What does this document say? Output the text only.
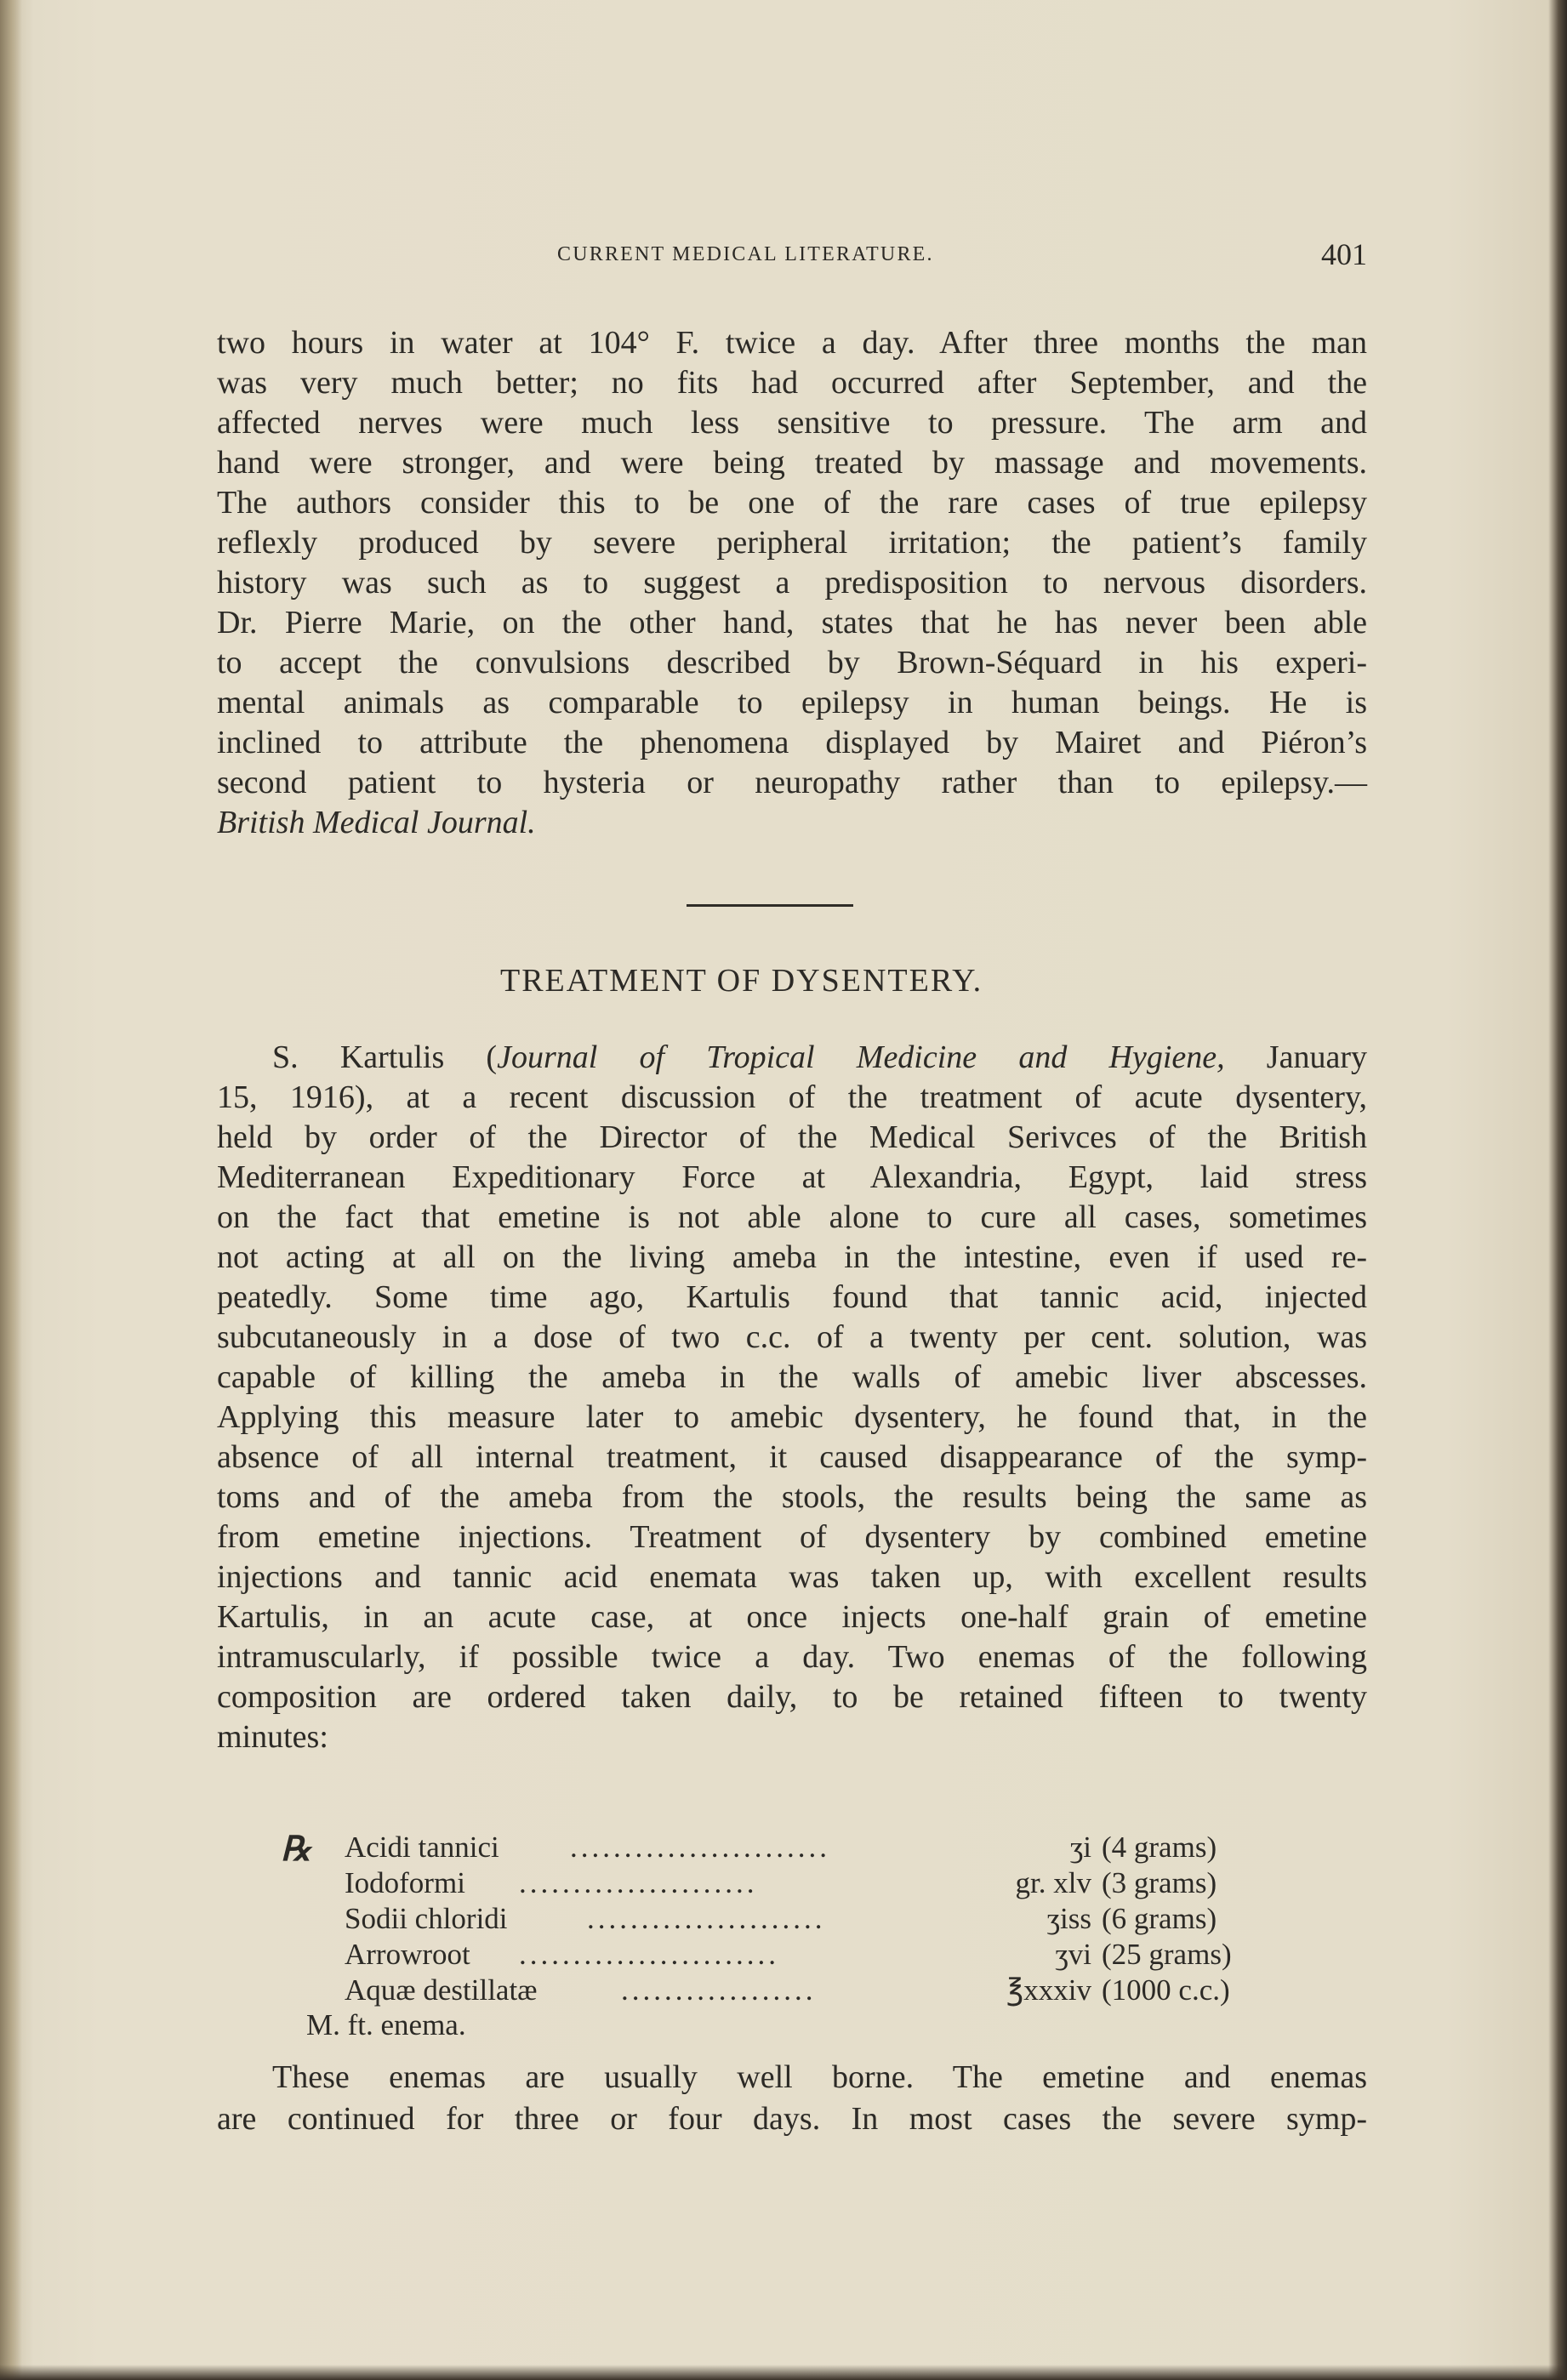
CURRENT MEDICAL LITERATURE.	401
two hours in water at 104° F. twice a day. After three months the man
was very much better; no fits had occurred after September, and the
affected nerves were much less sensitive to pressure. The arm and
hand were stronger, and were being treated by massage and movements.
The authors consider this to be one of the rare cases of true epilepsy
reflexly produced by severe peripheral irritation; the patient’s family
history was such as to suggest a predisposition to nervous disorders.
Dr. Pierre Marie, on the other hand, states that he has never been able
to accept the convulsions described by Brown-Séquard in his experi-
mental animals as comparable to epilepsy in human beings. He is
inclined to attribute the phenomena displayed by Mairet and Piéron’s
second patient to hysteria or neuropathy rather than to epilepsy.—
British Medical Journal.
TREATMENT OF DYSENTERY.
S. Kartulis (Journal of Tropical Medicine and Hygiene, January
15, 1916), at a recent discussion of the treatment of acute dysentery,
held by order of the Director of the Medical Serivces of the British
Mediterranean Expeditionary Force at Alexandria, Egypt, laid stress
on the fact that emetine is not able alone to cure all cases, sometimes
not acting at all on the living ameba in the intestine, even if used re-
peatedly. Some time ago, Kartulis found that tannic acid, injected
subcutaneously in a dose of two c.c. of a twenty per cent. solution, was
capable of killing the ameba in the walls of amebic liver abscesses.
Applying this measure later to amebic dysentery, he found that, in the
absence of all internal treatment, it caused disappearance of the symp-
toms and of the ameba from the stools, the results being the same as
from emetine injections. Treatment of dysentery by combined emetine
injections and tannic acid enemata was taken up, with excellent results
Kartulis, in an acute case, at once injects one-half grain of emetine
intramuscularly, if possible twice a day. Two enemas of the following
composition are ordered taken daily, to be retained fifteen to twenty
minutes:
℞ Acidi tannici ........................	ʒi (4 grams)
Iodoformi ......................	gr. xlv (3 grams)
Sodii chloridi	......................	ʒiss (6 grams)
Arrowroot ........................	ʒvi (25 grams)
Aquæ destillatæ	..................	℥xxxiv (1000 c.c.)
M. ft. enema.
These enemas are usually well borne. The emetine and enemas
are continued for three or four days. In most cases the severe symp-
